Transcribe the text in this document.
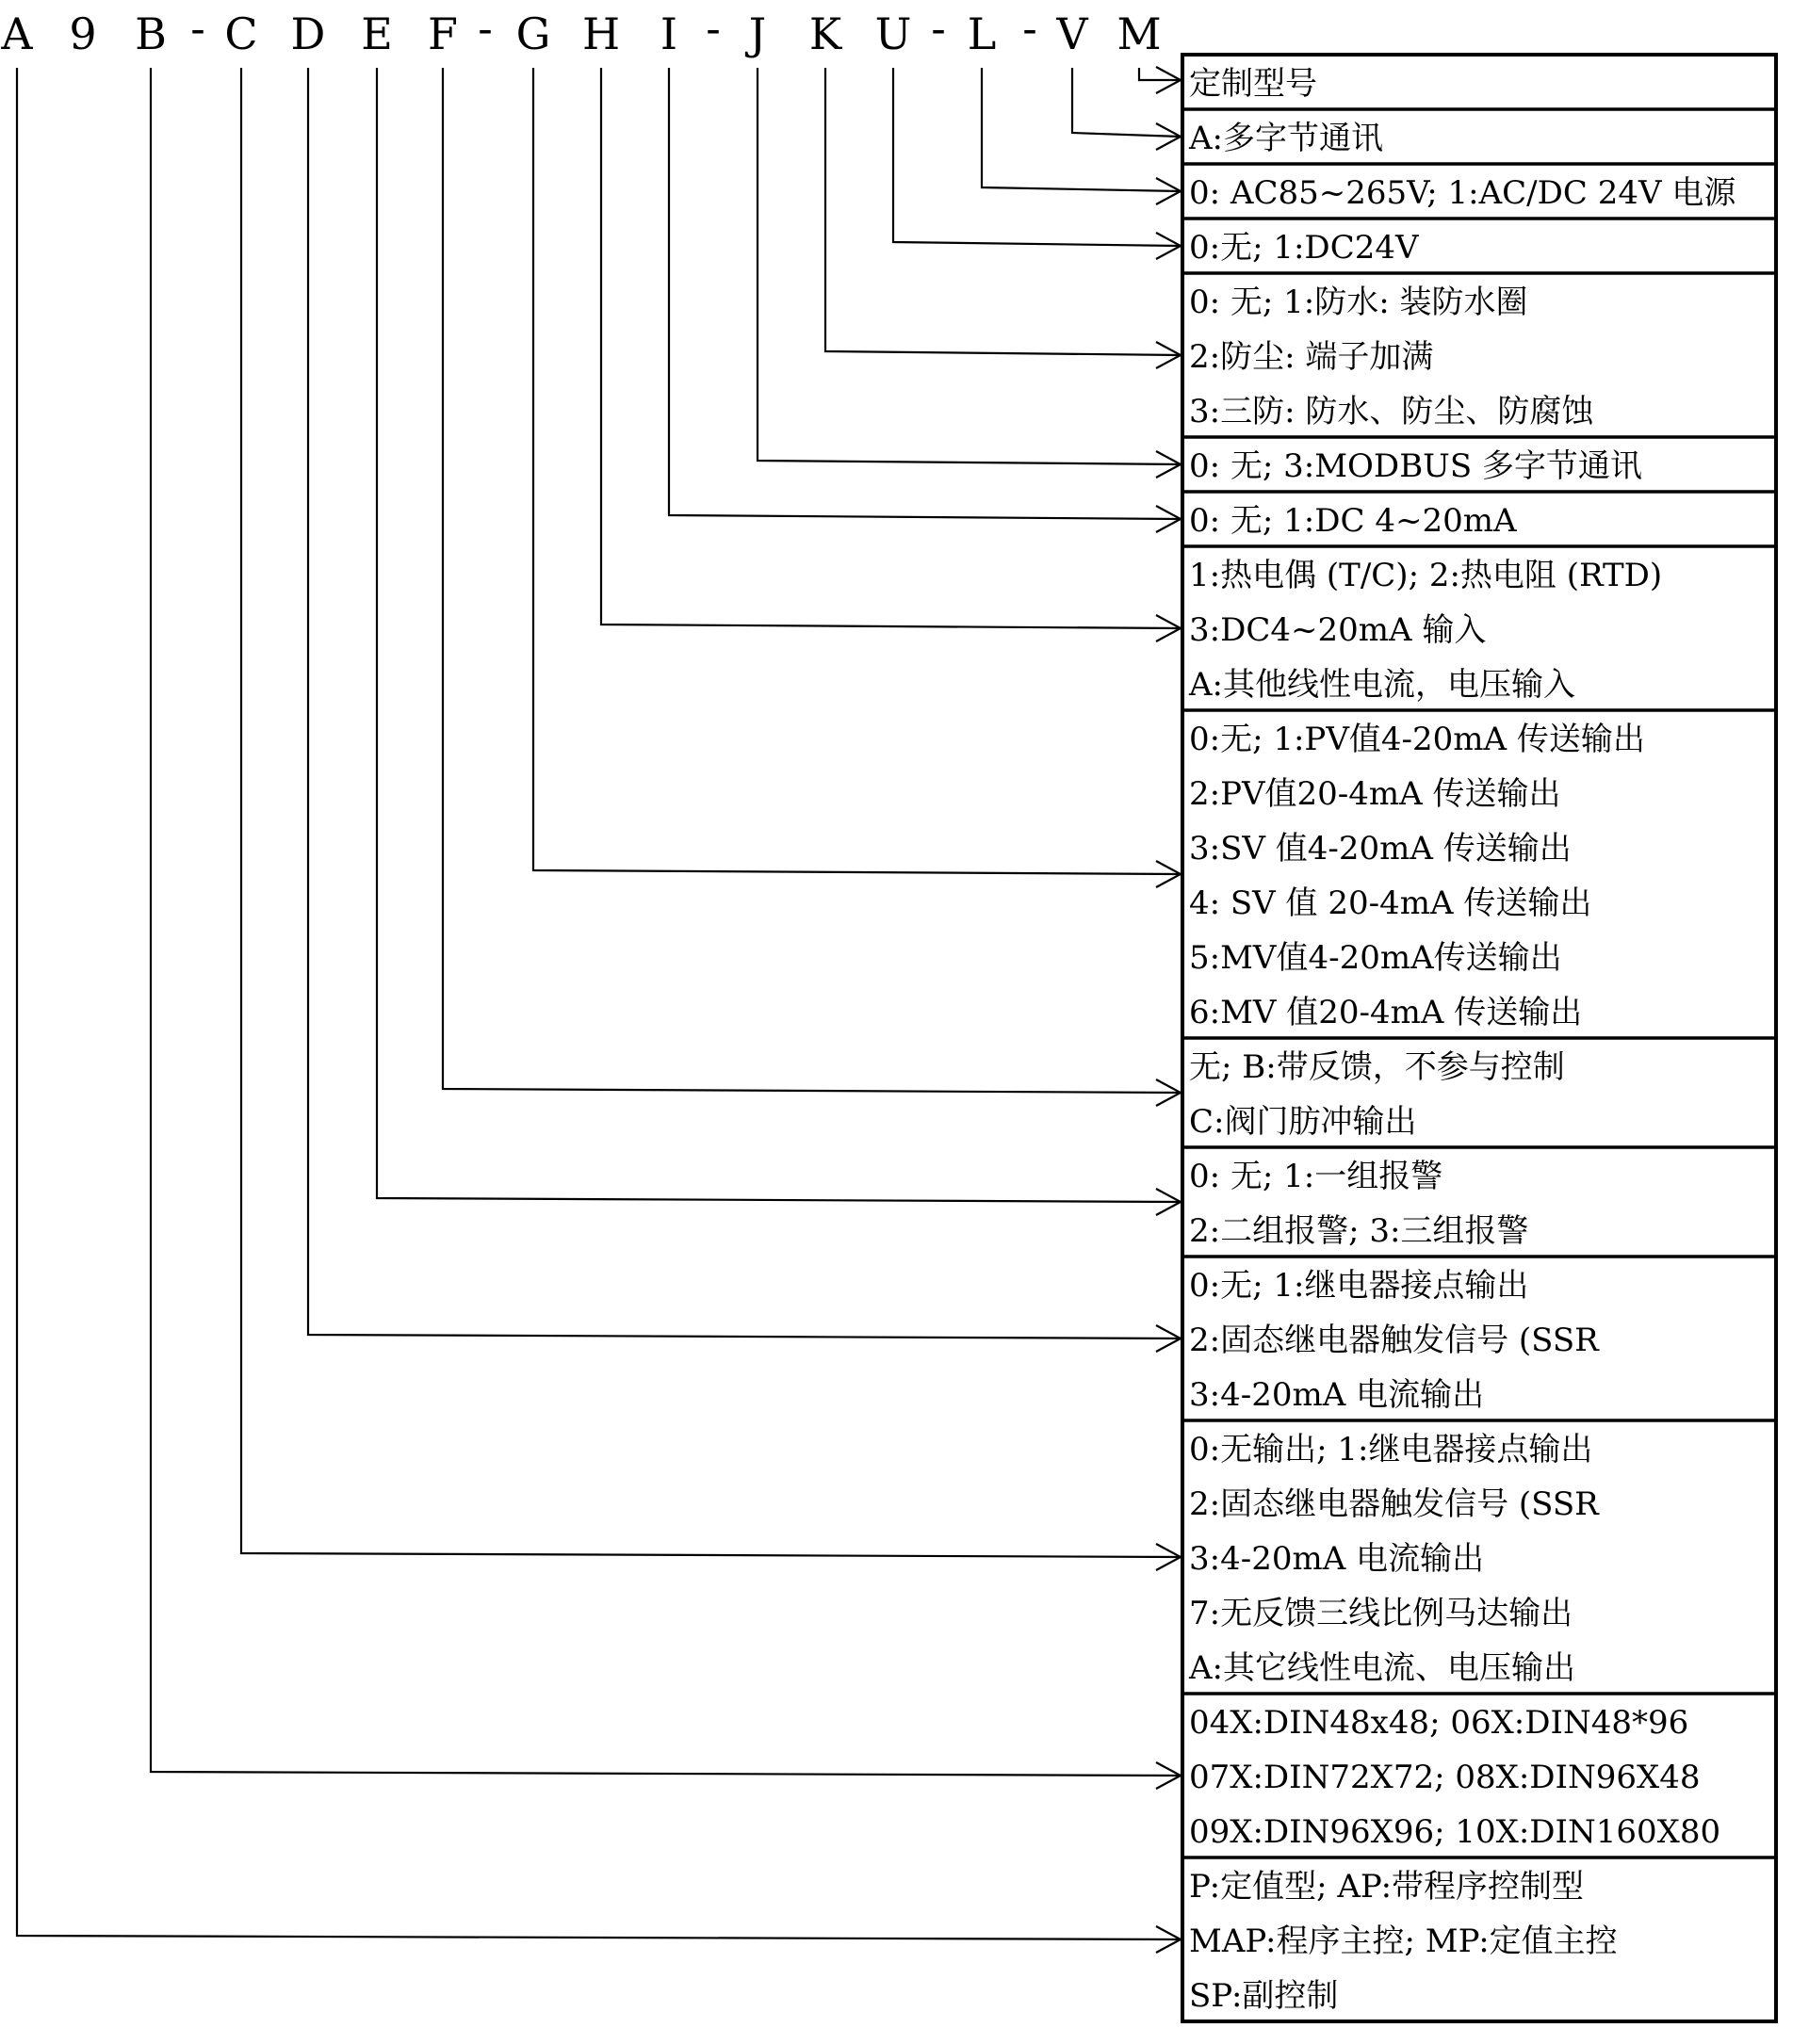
A 9 B C D E F G H I J K U L V M
-	-	-	- -
定制型号
A:多字节通讯
0: AC85~265V; 1:AC/DC 24V 电源
0:无; 1:DC24V
0: 无; 1:防水: 装防水圈
2:防尘: 端子加满
3:三防: 防水、防尘、防腐蚀
0: 无; 3:MODBUS 多字节通讯
0: 无; 1:DC 4~20mA
1:热电偶 (T/C); 2:热电阻 (RTD)
3:DC4~20mA 输入
A:其他线性电流，电压输入
0:无; 1:PV值4-20mA 传送输出
2:PV值20-4mA 传送输出
3:SV 值4-20mA 传送输出
4: SV 值 20-4mA 传送输出
5:MV值4-20mA传送输出
6:MV 值20-4mA 传送输出
无; B:带反馈，不参与控制
C:阀门肪冲输出
0: 无; 1:一组报警
2:二组报警; 3:三组报警
0:无; 1:继电器接点输出
2:固态继电器触发信号 (SSR
3:4-20mA 电流输出
0:无输出; 1:继电器接点输出
2:固态继电器触发信号 (SSR
3:4-20mA 电流输出
7:无反馈三线比例马达输出
A:其它线性电流、电压输出
04X:DIN48x48; 06X:DIN48*96
07X:DIN72X72; 08X:DIN96X48
09X:DIN96X96; 10X:DIN160X80
P:定值型; AP:带程序控制型
MAP:程序主控; MP:定值主控
SP:副控制
